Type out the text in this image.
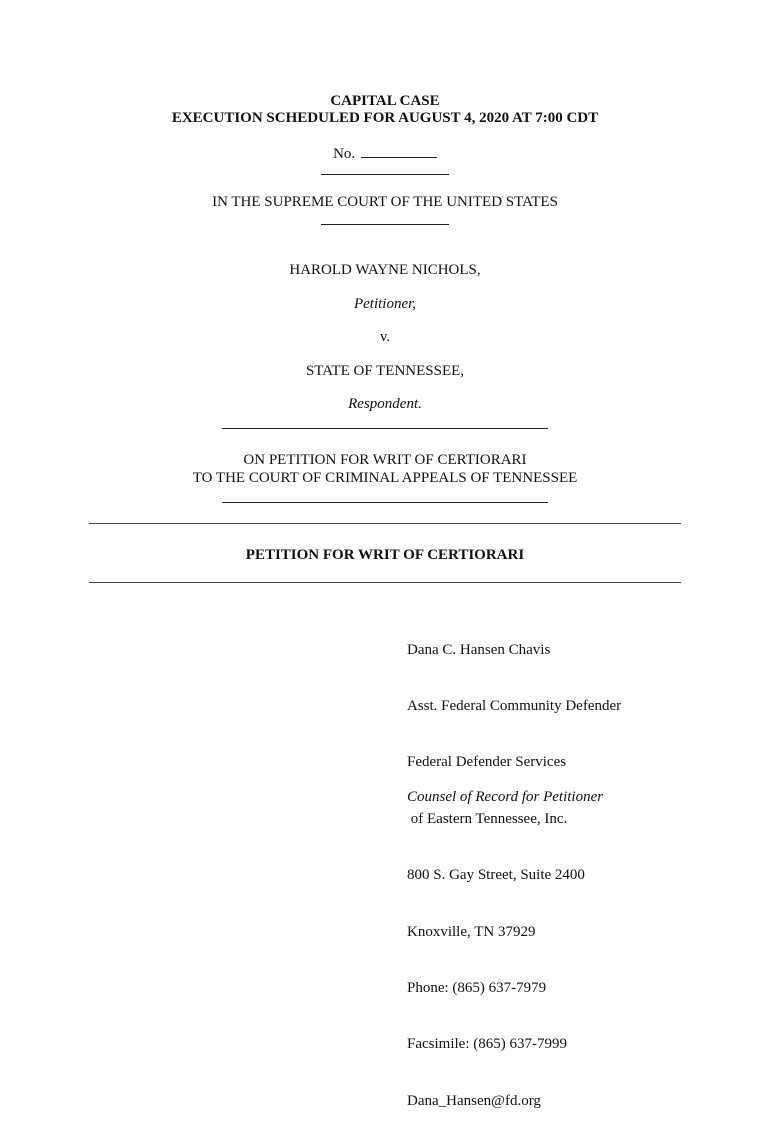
CAPITAL CASE
EXECUTION SCHEDULED FOR AUGUST 4, 2020 AT 7:00 CDT
No.
IN THE SUPREME COURT OF THE UNITED STATES
HAROLD WAYNE NICHOLS,
Petitioner,
v.
STATE OF TENNESSEE,
Respondent.
ON PETITION FOR WRIT OF CERTIORARI
TO THE COURT OF CRIMINAL APPEALS OF TENNESSEE
PETITION FOR WRIT OF CERTIORARI

Dana C. Hansen Chavis

Asst. Federal Community Defender

Federal Defender Services

of Eastern Tennessee, Inc.

800 S. Gay Street, Suite 2400

Knoxville, TN 37929

Phone: (865) 637-7979

Facsimile: (865) 637-7999

Dana_Hansen@fd.org

Counsel of Record for Petitioner
